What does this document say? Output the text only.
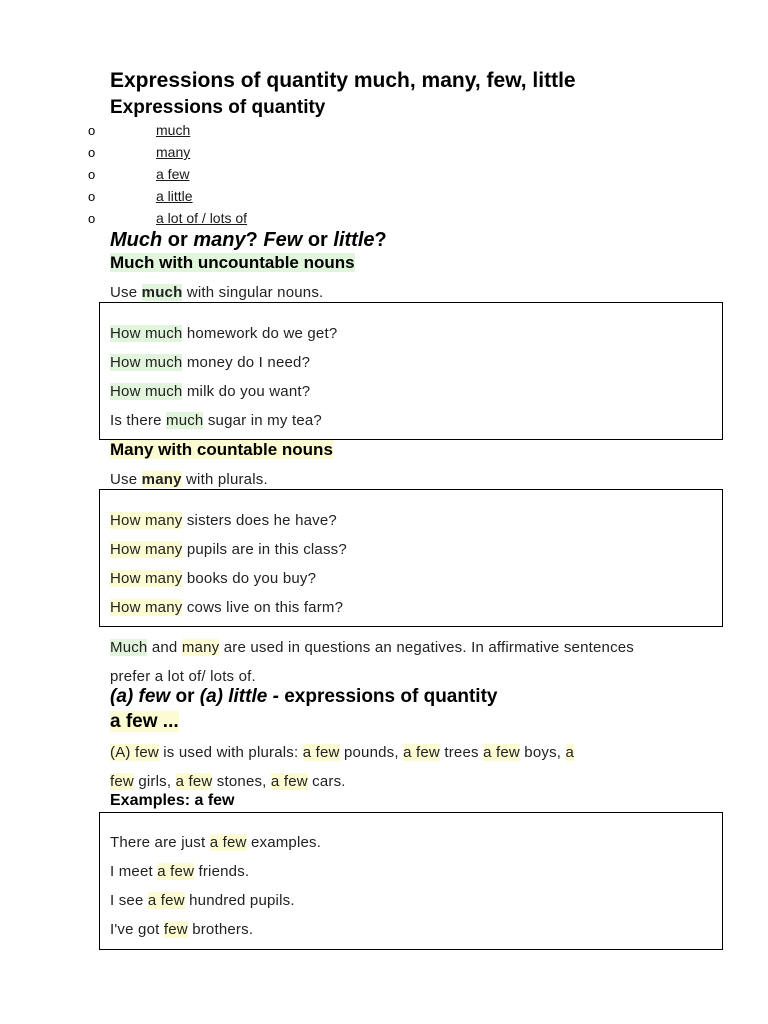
Expressions of quantity much, many, few, little
Expressions of quantity
o	much
o	many
o	a few
o	a little
o	a lot of / lots of
Much or many? Few or little?
Much with uncountable nouns
Use much with singular nouns.
How much homework do we get?
How much money do I need?
How much milk do you want?
Is there much sugar in my tea?
Many with countable nouns
Use many with plurals.
How many sisters does he have?
How many pupils are in this class?
How many books do you buy?
How many cows live on this farm?
Much and many are used in questions an negatives. In affirmative sentences
prefer a lot of/ lots of.
(a) few or (a) little - expressions of quantity
a few ...
(A) few is used with plurals: a few pounds, a few trees a few boys, a
few girls, a few stones, a few cars.
Examples: a few
There are just a few examples.
I meet a few friends.
I see a few hundred pupils.
I've got few brothers.
